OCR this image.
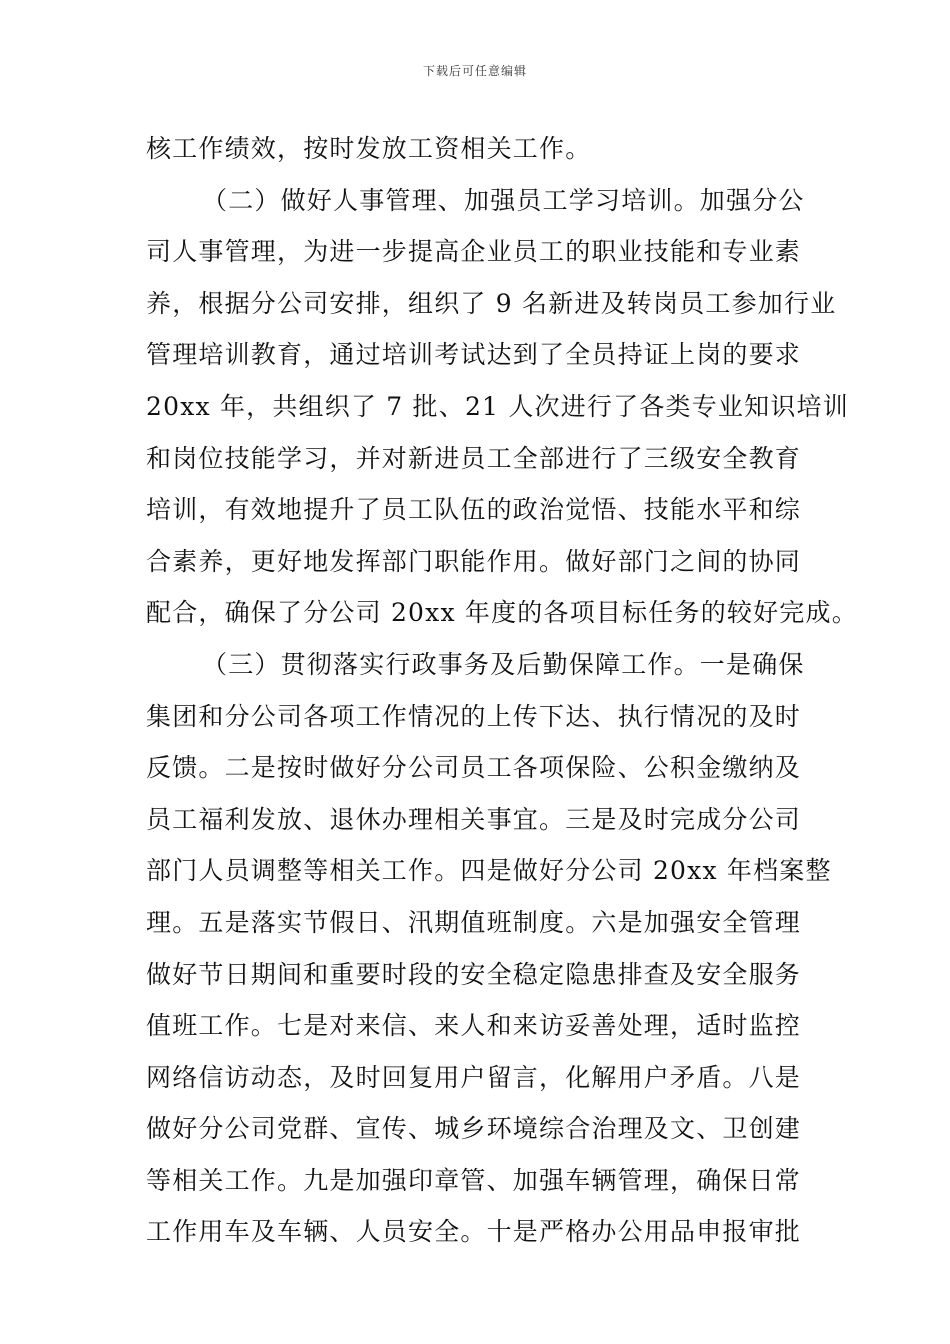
下载后可任意编辑
核工作绩效，按时发放工资相关工作。
（二）做好人事管理、加强员工学习培训。加强分公
司人事管理，为进一步提高企业员工的职业技能和专业素
养，根据分公司安排，组织了 9 名新进及转岗员工参加行业
管理培训教育，通过培训考试达到了全员持证上岗的要求
20xx 年，共组织了 7 批、21 人次进行了各类专业知识培训
和岗位技能学习，并对新进员工全部进行了三级安全教育
培训，有效地提升了员工队伍的政治觉悟、技能水平和综
合素养，更好地发挥部门职能作用。做好部门之间的协同
配合，确保了分公司 20xx 年度的各项目标任务的较好完成。
（三）贯彻落实行政事务及后勤保障工作。一是确保
集团和分公司各项工作情况的上传下达、执行情况的及时
反馈。二是按时做好分公司员工各项保险、公积金缴纳及
员工福利发放、退休办理相关事宜。三是及时完成分公司
部门人员调整等相关工作。四是做好分公司 20xx 年档案整
理。五是落实节假日、汛期值班制度。六是加强安全管理
做好节日期间和重要时段的安全稳定隐患排查及安全服务
值班工作。七是对来信、来人和来访妥善处理，适时监控
网络信访动态，及时回复用户留言，化解用户矛盾。八是
做好分公司党群、宣传、城乡环境综合治理及文、卫创建
等相关工作。九是加强印章管、加强车辆管理，确保日常
工作用车及车辆、人员安全。十是严格办公用品申报审批
